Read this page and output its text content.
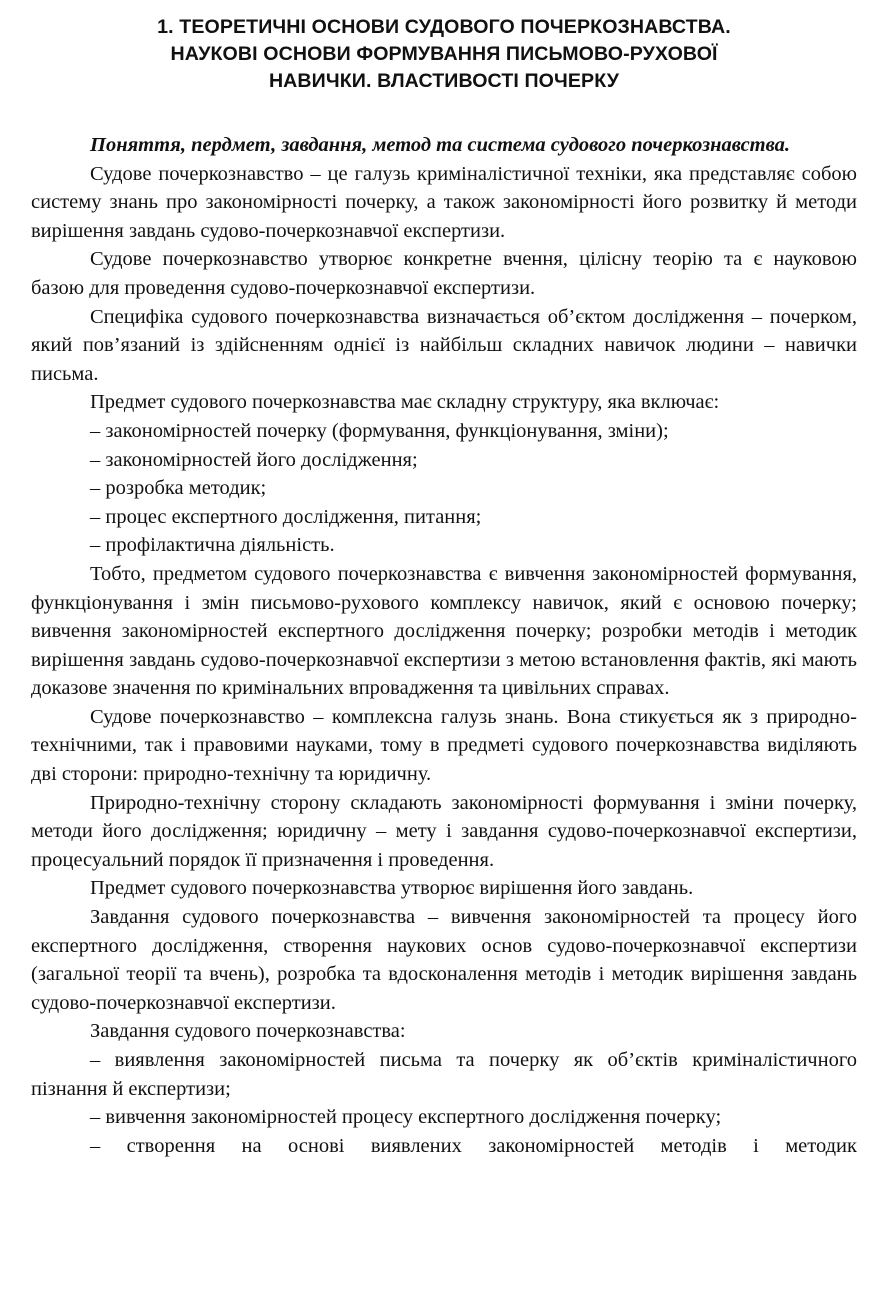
1. ТЕОРЕТИЧНІ ОСНОВИ СУДОВОГО ПОЧЕРКОЗНАВСТВА.
НАУКОВІ ОСНОВИ ФОРМУВАННЯ ПИСЬМОВО-РУХОВОЇ
НАВИЧКИ. ВЛАСТИВОСТІ ПОЧЕРКУ

Поняття, пердмет, завдання, метод та система судового почеркознавства.

Судове почеркознавство – це галузь криміналістичної техніки, яка представляє собою систему знань про закономірності почерку, а також закономірності його розвитку й методи вирішення завдань судово-почеркознавчої експертизи.

Судове почеркознавство утворює конкретне вчення, цілісну теорію та є науковою базою для проведення судово-почеркознавчої експертизи.

Специфіка судового почеркознавства визначається об’єктом дослідження – почерком, який пов’язаний із здійсненням однієї із найбільш складних навичок людини – навички письма.

Предмет судового почеркознавства має складну структуру, яка включає:

– закономірностей почерку (формування, функціонування, зміни);

– закономірностей його дослідження;

– розробка методик;

– процес експертного дослідження, питання;

– профілактична діяльність.

Тобто, предметом судового почеркознавства є вивчення закономірностей формування, функціонування і змін письмово-рухового комплексу навичок, який є основою почерку; вивчення закономірностей експертного дослідження почерку; розробки методів і методик вирішення завдань судово-почеркознавчої експертизи з метою встановлення фактів, які мають доказове значення по кримінальних впровадження та цивільних справах.

Судове почеркознавство – комплексна галузь знань. Вона стикується як з природно-технічними, так і правовими науками, тому в предметі судового почеркознавства виділяють дві сторони: природно-технічну та юридичну.

Природно-технічну сторону складають закономірності формування і зміни почерку, методи його дослідження; юридичну – мету і завдання судово-почеркознавчої експертизи, процесуальний порядок її призначення і проведення.

Предмет судового почеркознавства утворює вирішення його завдань.

Завдання судового почеркознавства – вивчення закономірностей та процесу його експертного дослідження, створення наукових основ судово-почеркознавчої експертизи (загальної теорії та вчень), розробка та вдосконалення методів і методик вирішення завдань судово-почеркознавчої експертизи.

Завдання судового почеркознавства:

– виявлення закономірностей письма та почерку як об’єктів криміналістичного пізнання й експертизи;

– вивчення закономірностей процесу експертного дослідження почерку;

– створення на основі виявлених закономірностей методів і методик
